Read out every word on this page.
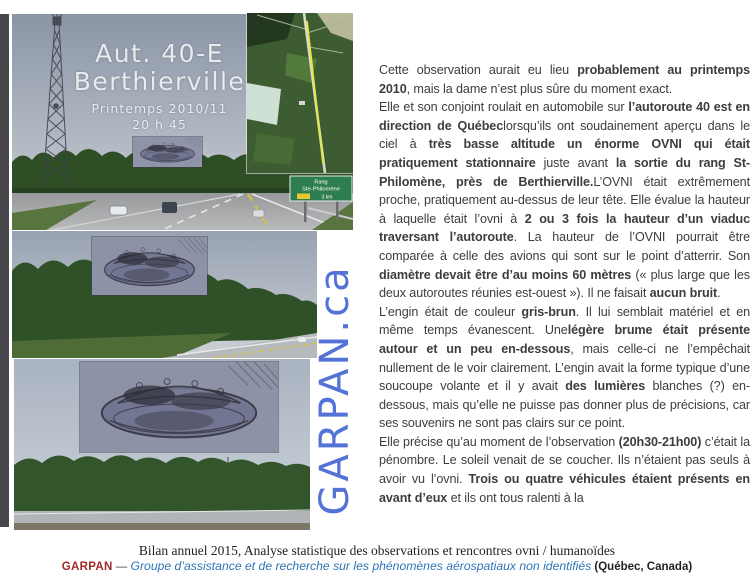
Rang
Ste-Philomène
3 km
Aut. 40-E
Berthierville
Printemps 2010/11
20 h 45
GARPAN.ca

Cette observation aurait eu lieu probablement au printemps 2010, mais la dame n’est plus sûre du moment exact.

Elle et son conjoint roulait en automobile sur l’autoroute 40 est en direction de Québeclorsqu’ils ont soudainement aperçu dans le ciel à très basse altitude un énorme OVNI qui était pratiquement stationnaire juste avant la sortie du rang St-Philomène, près de Berthierville.L’OVNI était extrêmement proche, pratiquement au-dessus de leur tête. Elle évalue la hauteur à laquelle était l’ovni à 2 ou 3 fois la hauteur d’un viaduc traversant l’autoroute. La hauteur de l’OVNI pourrait être comparée à celle des avions qui sont sur le point d’atterrir. Son diamètre devait être d’au moins 60 mètres (« plus large que les deux autoroutes réunies est-ouest »). Il ne faisait aucun bruit.

L’engin était de couleur gris-brun. Il lui semblait matériel et en même temps évanescent. Unelégère brume était présente autour et un peu en-dessous, mais celle-ci ne l’empêchait nullement de le voir clairement. L’engin avait la forme typique d’une soucoupe volante et il y avait des lumières blanches (?) en-dessous, mais qu’elle ne puisse pas donner plus de précisions, car ses souvenirs ne sont pas clairs sur ce point.

Elle précise qu’au moment de l’observation (20h30-21h00) c’était la pénombre. Le soleil venait de se coucher. Ils n’étaient pas seuls à avoir vu l’ovni. Trois ou quatre véhicules étaient présents en avant d’eux et ils ont tous ralenti à la

Bilan annuel 2015, Analyse statistique des observations et rencontres ovni / humanoïdes
GARPAN — Groupe d’assistance et de recherche sur les phénomènes aérospatiaux non identifiés (Québec, Canada)
